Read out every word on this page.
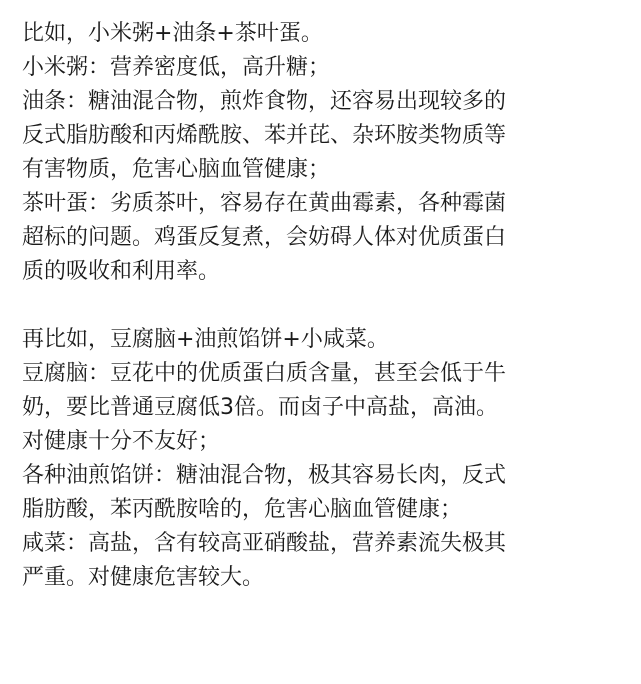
比如，小米粥+油条+茶叶蛋。
小米粥：营养密度低，高升糖；
油条：糖油混合物，煎炸食物，还容易出现较多的
反式脂肪酸和丙烯酰胺、苯并芘、杂环胺类物质等
有害物质，危害心脑血管健康；
茶叶蛋：劣质茶叶，容易存在黄曲霉素，各种霉菌
超标的问题。鸡蛋反复煮，会妨碍人体对优质蛋白
质的吸收和利用率。
再比如，豆腐脑+油煎馅饼+小咸菜。
豆腐脑：豆花中的优质蛋白质含量，甚至会低于牛
奶，要比普通豆腐低3倍。而卤子中高盐，高油。
对健康十分不友好；
各种油煎馅饼：糖油混合物，极其容易长肉，反式
脂肪酸，苯丙酰胺啥的，危害心脑血管健康；
咸菜：高盐，含有较高亚硝酸盐，营养素流失极其
严重。对健康危害较大。
